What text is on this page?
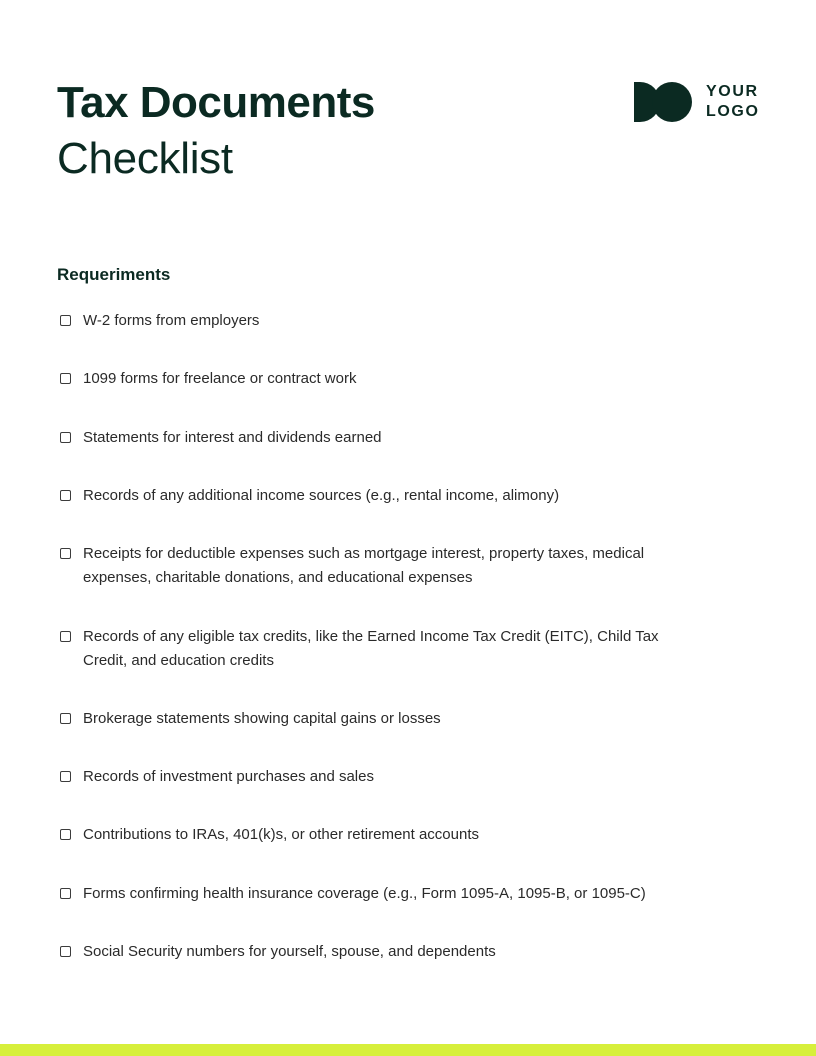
Tax Documents
Checklist
YOUR
LOGO
Requeriments
W-2 forms from employers
1099 forms for freelance or contract work
Statements for interest and dividends earned
Records of any additional income sources (e.g., rental income, alimony)
Receipts for deductible expenses such as mortgage interest, property taxes, medical expenses, charitable donations, and educational expenses
Records of any eligible tax credits, like the Earned Income Tax Credit (EITC), Child Tax Credit, and education credits
Brokerage statements showing capital gains or losses
Records of investment purchases and sales
Contributions to IRAs, 401(k)s, or other retirement accounts
Forms confirming health insurance coverage (e.g., Form 1095-A, 1095-B, or 1095-C)
Social Security numbers for yourself, spouse, and dependents
